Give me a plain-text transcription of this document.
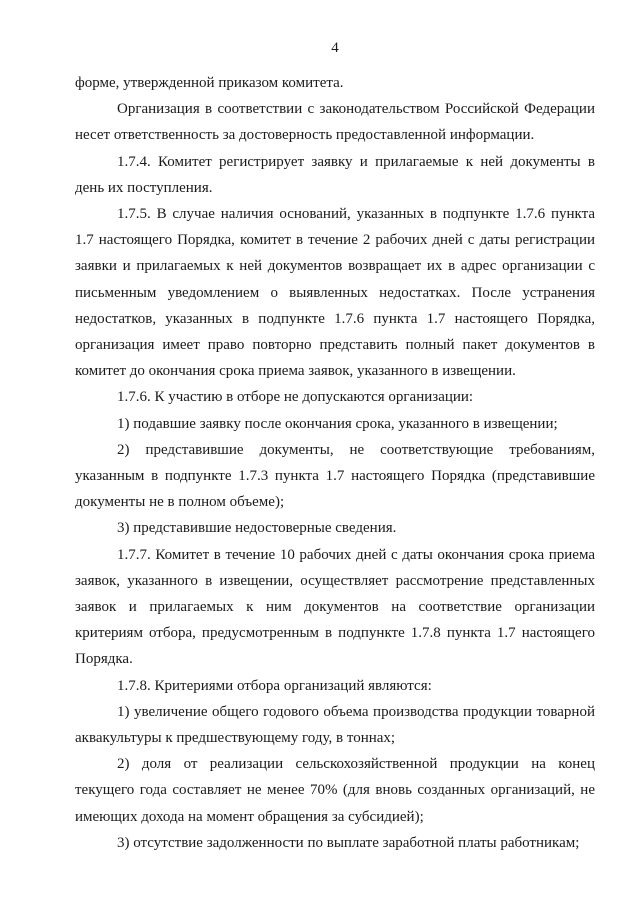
4

форме, утвержденной приказом комитета.

Организация в соответствии с законодательством Российской Федерации несет ответственность за достоверность предоставленной информации.

1.7.4. Комитет регистрирует заявку и прилагаемые к ней документы в день их поступления.

1.7.5. В случае наличия оснований, указанных в подпункте 1.7.6 пункта 1.7 настоящего Порядка, комитет в течение 2 рабочих дней с даты регистрации заявки и прилагаемых к ней документов возвращает их в адрес организации с письменным уведомлением о выявленных недостатках. После устранения недостатков, указанных в подпункте 1.7.6 пункта 1.7 настоящего Порядка, организация имеет право повторно представить полный пакет документов в комитет до окончания срока приема заявок, указанного в извещении.

1.7.6. К участию в отборе не допускаются организации:

1) подавшие заявку после окончания срока, указанного в извещении;

2) представившие документы, не соответствующие требованиям, указанным в подпункте 1.7.3 пункта 1.7 настоящего Порядка (представившие документы не в полном объеме);

3) представившие недостоверные сведения.

1.7.7. Комитет в течение 10 рабочих дней с даты окончания срока приема заявок, указанного в извещении, осуществляет рассмотрение представленных заявок и прилагаемых к ним документов на соответствие организации критериям отбора, предусмотренным в подпункте 1.7.8 пункта 1.7 настоящего Порядка.

1.7.8. Критериями отбора организаций являются:

1) увеличение общего годового объема производства продукции товарной аквакультуры к предшествующему году, в тоннах;

2) доля от реализации сельскохозяйственной продукции на конец текущего года составляет не менее 70% (для вновь созданных организаций, не имеющих дохода на момент обращения за субсидией);

3) отсутствие задолженности по выплате заработной платы работникам;
